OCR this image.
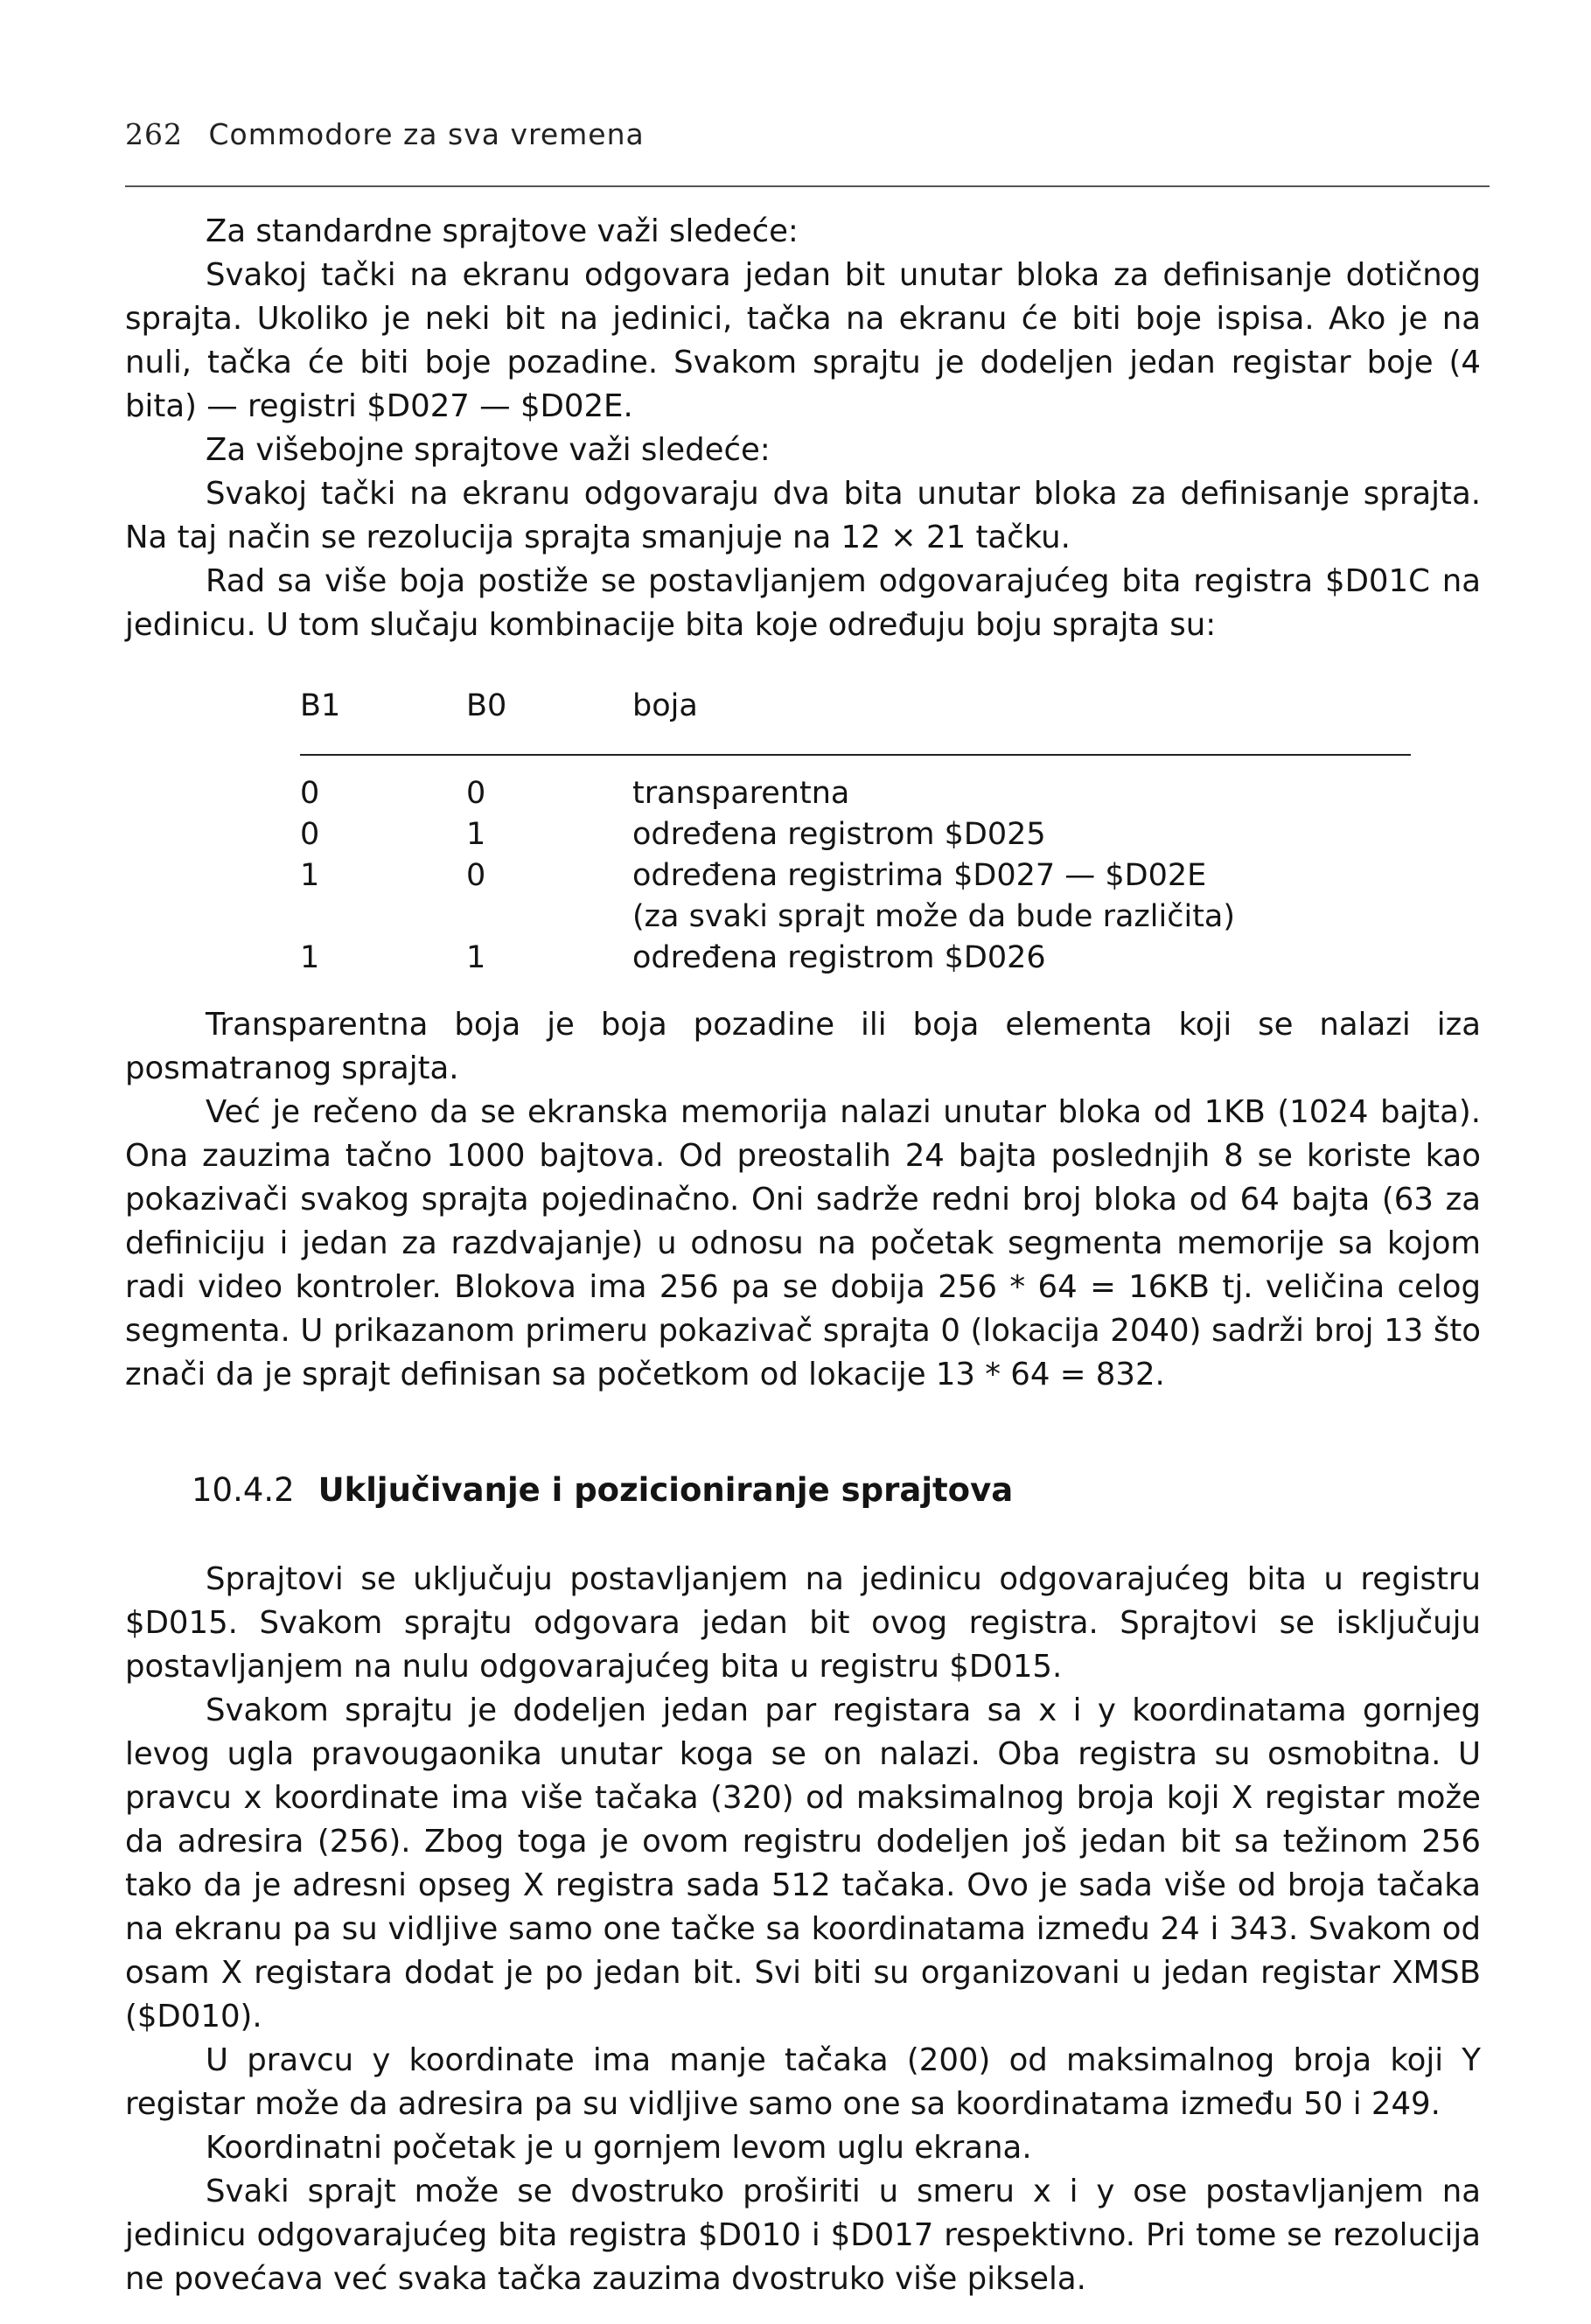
262 Commodore za sva vremena

Za standardne sprajtove važi sledeće:

Svakoj tački na ekranu odgovara jedan bit unutar bloka za definisanje dotičnog sprajta. Ukoliko je neki bit na jedinici, tačka na ekranu će biti boje ispisa. Ako je na nuli, tačka će biti boje pozadine. Svakom sprajtu je dodeljen jedan registar boje (4 bita) — registri $D027 — $D02E.

Za višebojne sprajtove važi sledeće:

Svakoj tački na ekranu odgovaraju dva bita unutar bloka za definisanje sprajta. Na taj način se rezolucija sprajta smanjuje na 12 × 21 tačku.

Rad sa više boja postiže se postavljanjem odgovarajućeg bita registra $D01C na jedinicu. U tom slučaju kombinacije bita koje određuju boju sprajta su:

B1	B0	boja
0	0	transparentna
0	1	određena registrom $D025
1	0	određena registrima $D027 — $D02E
(za svaki sprajt može da bude različita)
1	1	određena registrom $D026

Transparentna boja je boja pozadine ili boja elementa koji se nalazi iza posmatranog sprajta.

Već je rečeno da se ekranska memorija nalazi unutar bloka od 1KB (1024 bajta). Ona zauzima tačno 1000 bajtova. Od preostalih 24 bajta poslednjih 8 se koriste kao pokazivači svakog sprajta pojedinačno. Oni sadrže redni broj bloka od 64 bajta (63 za definiciju i jedan za razdvajanje) u odnosu na početak segmenta memorije sa kojom radi video kontroler. Blokova ima 256 pa se dobija 256 * 64 = 16KB tj. veličina celog segmenta. U prikazanom primeru pokazivač sprajta 0 (lokacija 2040) sadrži broj 13 što znači da je sprajt definisan sa početkom od lokacije 13 * 64 = 832.

10.4.2 Uključivanje i pozicioniranje sprajtova

Sprajtovi se uključuju postavljanjem na jedinicu odgovarajućeg bita u registru $D015. Svakom sprajtu odgovara jedan bit ovog registra. Sprajtovi se isključuju postavljanjem na nulu odgovarajućeg bita u registru $D015.

Svakom sprajtu je dodeljen jedan par registara sa x i y koordinatama gornjeg levog ugla pravougaonika unutar koga se on nalazi. Oba registra su osmobitna. U pravcu x koordinate ima više tačaka (320) od maksimalnog broja koji X registar može da adresira (256). Zbog toga je ovom registru dodeljen još jedan bit sa težinom 256 tako da je adresni opseg X registra sada 512 tačaka. Ovo je sada više od broja tačaka na ekranu pa su vidljive samo one tačke sa koordinatama između 24 i 343. Svakom od osam X registara dodat je po jedan bit. Svi biti su organizovani u jedan registar XMSB ($D010).

U pravcu y koordinate ima manje tačaka (200) od maksimalnog broja koji Y registar može da adresira pa su vidljive samo one sa koordinatama između 50 i 249.

Koordinatni početak je u gornjem levom uglu ekrana.

Svaki sprajt može se dvostruko proširiti u smeru x i y ose postavljanjem na jedinicu odgovarajućeg bita registra $D010 i $D017 respektivno. Pri tome se rezolucija ne povećava već svaka tačka zauzima dvostruko više piksela.
